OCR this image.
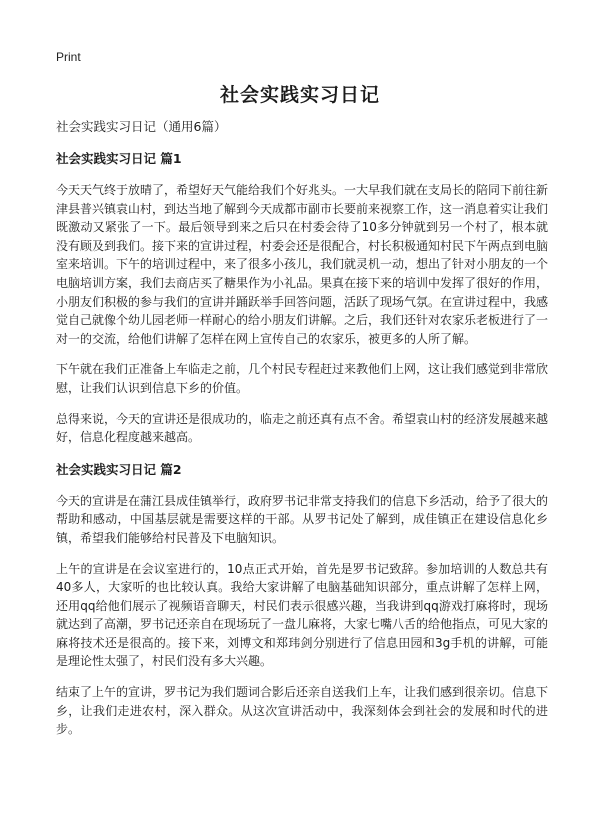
Print
社会实践实习日记

社会实践实习日记（通用6篇）

社会实践实习日记 篇1

今天天气终于放晴了，希望好天气能给我们个好兆头。一大早我们就在支局长的陪同下前往新津县普兴镇袁山村，到达当地了解到今天成都市副市长要前来视察工作，这一消息着实让我们既激动又紧张了一下。最后领导到来之后只在村委会待了10多分钟就到另一个村了，根本就没有顾及到我们。接下来的宣讲过程，村委会还是很配合，村长积极通知村民下午两点到电脑室来培训。下午的培训过程中，来了很多小孩儿，我们就灵机一动，想出了针对小朋友的一个电脑培训方案，我们去商店买了糖果作为小礼品。果真在接下来的培训中发挥了很好的作用，小朋友们积极的参与我们的宣讲并踊跃举手回答问题，活跃了现场气氛。在宣讲过程中，我感觉自己就像个幼儿园老师一样耐心的给小朋友们讲解。之后，我们还针对农家乐老板进行了一对一的交流，给他们讲解了怎样在网上宣传自己的农家乐，被更多的人所了解。

下午就在我们正准备上车临走之前，几个村民专程赶过来教他们上网，这让我们感觉到非常欣慰，让我们认识到信息下乡的价值。

总得来说，今天的宣讲还是很成功的，临走之前还真有点不舍。希望袁山村的经济发展越来越好，信息化程度越来越高。

社会实践实习日记 篇2

今天的宣讲是在蒲江县成佳镇举行，政府罗书记非常支持我们的信息下乡活动，给予了很大的帮助和感动，中国基层就是需要这样的干部。从罗书记处了解到，成佳镇正在建设信息化乡镇，希望我们能够给村民普及下电脑知识。

上午的宣讲是在会议室进行的，10点正式开始，首先是罗书记致辞。参加培训的人数总共有40多人，大家听的也比较认真。我给大家讲解了电脑基础知识部分，重点讲解了怎样上网，还用qq给他们展示了视频语音聊天，村民们表示很感兴趣，当我讲到qq游戏打麻将时，现场就达到了高潮，罗书记还亲自在现场玩了一盘儿麻将，大家七嘴八舌的给他指点，可见大家的麻将技术还是很高的。接下来，刘博文和郑玮剑分别进行了信息田园和3g手机的讲解，可能是理论性太强了，村民们没有多大兴趣。

结束了上午的宣讲，罗书记为我们题词合影后还亲自送我们上车，让我们感到很亲切。信息下乡，让我们走进农村，深入群众。从这次宣讲活动中，我深刻体会到社会的发展和时代的进步。
